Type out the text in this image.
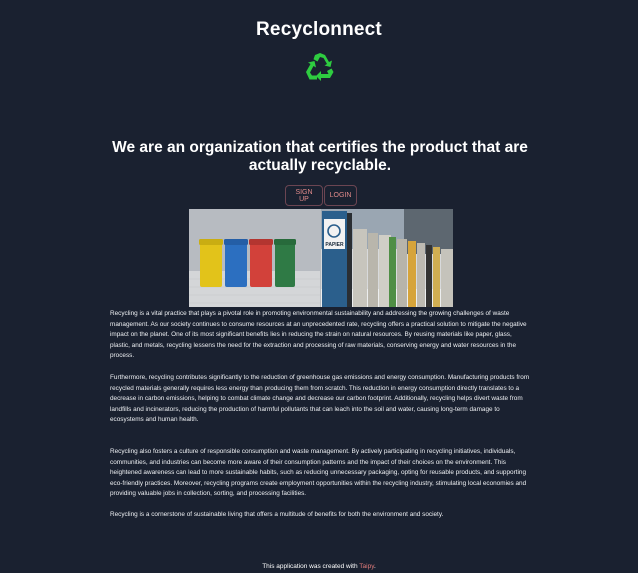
Recyclonnect
We are an organization that certifies the product that are actually recyclable.
SIGN UP	LOGIN
PAPIER

Recycling is a vital practice that plays a pivotal role in promoting environmental sustainability and addressing the growing challenges of waste management. As our society continues to consume resources at an unprecedented rate, recycling offers a practical solution to mitigate the negative impact on the planet. One of its most significant benefits lies in reducing the strain on natural resources. By reusing materials like paper, glass, plastic, and metals, recycling lessens the need for the extraction and processing of raw materials, conserving energy and water resources in the process.

Furthermore, recycling contributes significantly to the reduction of greenhouse gas emissions and energy consumption. Manufacturing products from recycled materials generally requires less energy than producing them from scratch. This reduction in energy consumption directly translates to a decrease in carbon emissions, helping to combat climate change and decrease our carbon footprint. Additionally, recycling helps divert waste from landfills and incinerators, reducing the production of harmful pollutants that can leach into the soil and water, causing long-term damage to ecosystems and human health.

Recycling also fosters a culture of responsible consumption and waste management. By actively participating in recycling initiatives, individuals, communities, and industries can become more aware of their consumption patterns and the impact of their choices on the environment. This heightened awareness can lead to more sustainable habits, such as reducing unnecessary packaging, opting for reusable products, and supporting eco-friendly practices. Moreover, recycling programs create employment opportunities within the recycling industry, stimulating local economies and providing valuable jobs in collection, sorting, and processing facilities.

Recycling is a cornerstone of sustainable living that offers a multitude of benefits for both the environment and society.

This application was created with Taipy.
